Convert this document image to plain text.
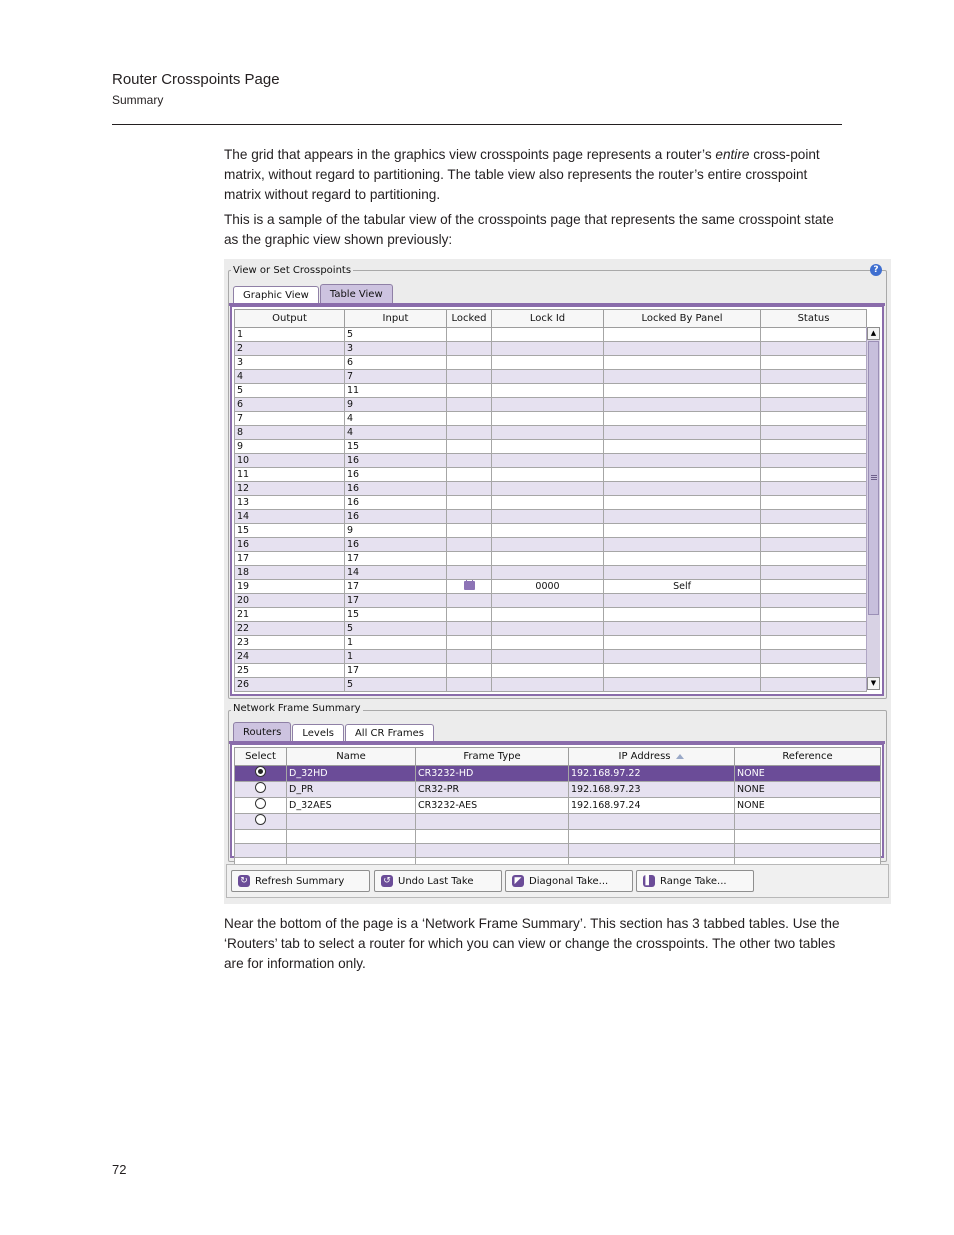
Router Crosspoints Page
Summary

The grid that appears in the graphics view crosspoints page represents a router’s entire cross-point matrix, without regard to partitioning. The table view also represents the router’s entire crosspoint matrix without regard to partitioning.

This is a sample of the tabular view of the crosspoints page that represents the same crosspoint state as the graphic view shown previously:

View or Set Crosspoints	?
Graphic View	Table View
Output	Input	Locked	Lock Id	Locked By Panel	Status
1	5				
2	3				
3	6				
4	7				
5	11				
6	9				
7	4				
8	4				
9	15				
10	16				
11	16				
12	16				
13	16				
14	16				
15	9				
16	16				
17	17				
18	14				
19	17		0000	Self	
20	17				
21	15				
22	5				
23	1				
24	1				
25	17				
26	5				
▲
▼
Network Frame Summary
Routers	Levels	All CR Frames
Select	Name	Frame Type	IP Address	Reference
	D_32HD	CR3232-HD	192.168.97.22	NONE
	D_PR	CR32-PR	192.168.97.23	NONE
	D_32AES	CR3232-AES	192.168.97.24	NONE

↻ Refresh Summary	↺ Undo Last Take	◤ Diagonal Take...	▌ Range Take...

Near the bottom of the page is a ‘Network Frame Summary’. This section has 3 tabbed tables. Use the ‘Routers’ tab to select a router for which you can view or change the crosspoints. The other two tables are for information only.

72
